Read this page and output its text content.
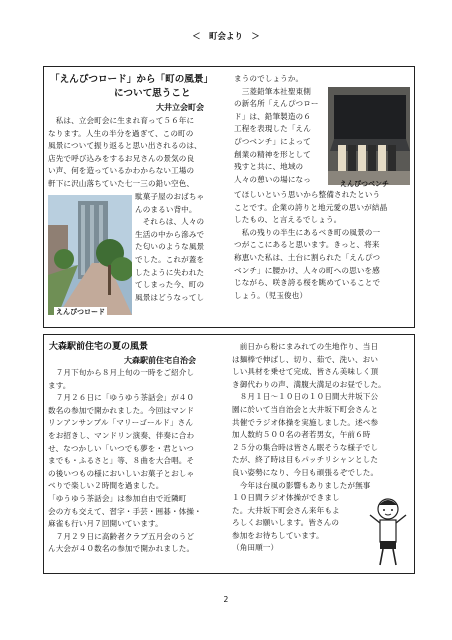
＜　町会より　＞
「えんぴつロード」から「町の風景」
について思うこと
大井立会町会

　私は、立会町会に生まれ育って５６年に

なります。人生の半分を過ぎて、この町の

風景について振り返ると思い出されるのは、

店先で呼び込みをするお兄さんの景気の良

い声、何を造っているかわからない工場の

軒下に沢山落ちていた七一三の鉛い空色、

えんぴつロード

駄菓子屋のおばちゃ

んのまるい背中。

　それらは、人々の

生活の中から滲みで

た匂いのような風景

でした。これが蓋を

したように失われた

てしまった今、町の

風景はどうなってし

まうのでしょうか。

　三菱鉛筆本社聖東側

の新名所「えんぴつロー

ド」は、鉛筆製造の６

工程を表現した「えん

ぴつベンチ」によって

創業の精神を形として

残すと共に、地域の

人々の憩いの場になっ

えんぴつベンチ

てほしいという思いから整備されたという

ことです。企業の誇りと地元愛の思いが結晶

したもの、と言えるでしょう。

　私の残りの半生にあるべき町の風景の一

つがここにあると思います。きっと、将来

称恵いた私は、土台に割られた「えんぴつ

ベンチ」に腰かけ、人々の町への思いを感

じながら、咲き誇る桜を眺めていることで

しょう。（児玉俊也）

大森駅前住宅の夏の風景
大森駅前住宅自治会

　７月下旬から８月上旬の一時をご紹介し

ます。

　７月２６日に「ゆうゆう茶話会」が４０

数名の参加で開かれました。今回はマンド

リンアンサンブル「マリーゴールド」さん

をお招きし、マンドリン演奏、伴奏に合わ

せ、なつかしい「いつでも夢を・君といつ

までも・ふるさと」等、８曲を大合唱。そ

の後いつもの様においしいお菓子とおしゃ

べりで楽しい２時間を過ました。

「ゆうゆう茶話会」は参加自由で近隣町

会の方も交えて、習字・手芸・囲碁・体操・

麻雀も行い月７回開いています。

　７月２９日に高齢者クラブ五月会のうど

ん大会が４０数名の参加で開かれました。

　前日から粉にまみれての生地作り、当日

は麺棒で伸ばし、切り、茹で、洗い、おい

しい具材を乗せて完成、皆さん美味しく頂

き御代わりの声、満腹大満足のお昼でした。

　８月１日～１０日の１０日間大井坂下公

園に於いて当自治会と大井坂下町会さんと

共催でラジオ体操を実施しました。述べ参

加人数約５００名の者若男女，午前６時

２５分の集合時は皆さん眠そうな様子でし

たが、終了時は目もパッチリシャンとした

良い姿勢になり、今日も頑張るぞでした。

　今年は台風の影響もありましたが無事

１０日間ラジオ体操ができまし

た。大井坂下町会さん来年もよ

ろしくお願いします。皆さんの

参加をお待ちしています。

（角田順一）

2
